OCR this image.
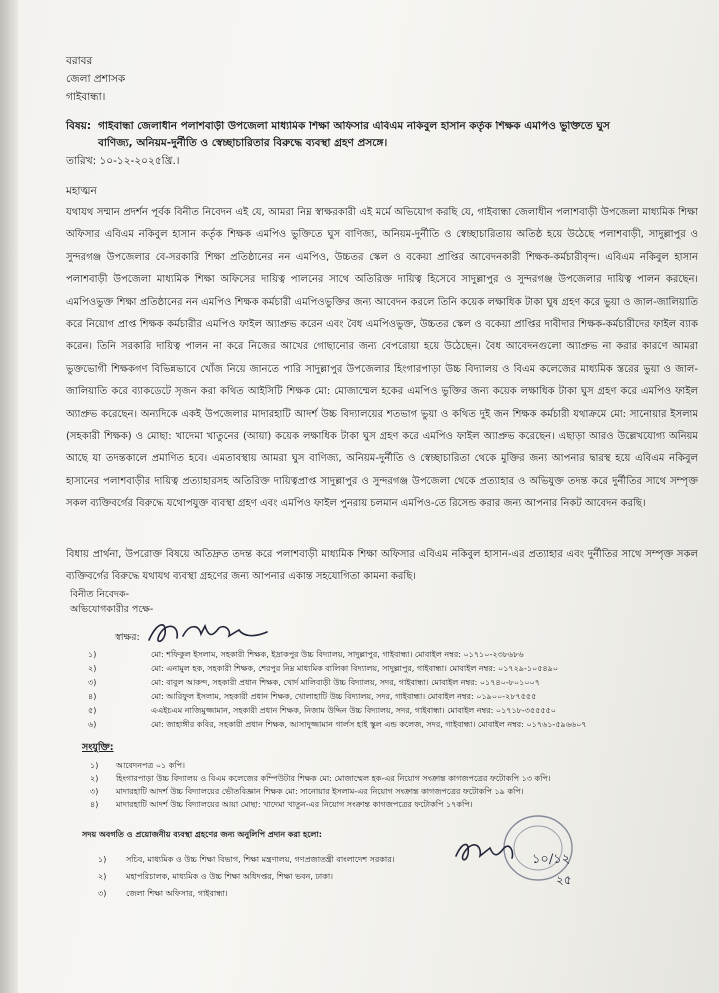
বরাবর
জেলা প্রশাসক
গাইবান্ধা।
বিষয়: গাইবান্ধা জেলাধীন পলাশবাড়ী উপজেলা মাধ্যমিক শিক্ষা অফিসার এবিএম নকিবুল হাসান কর্তৃক শিক্ষক এমপিও ভুক্তিতে ঘুস
বাণিজ্য, অনিয়ম-দুর্নীতি ও স্বেচ্ছাচারিতার বিরুদ্ধে ব্যবস্থা গ্রহণ প্রসঙ্গে।
তারিখ: ১০-১২-২০২৫খ্রি.।
মহাত্মন
যথাযথ সম্মান প্রদর্শন পূর্বক বিনীত নিবেদন এই যে, আমরা নিম্ন স্বাক্ষরকারী এই মর্মে অভিযোগ করছি যে, গাইবান্ধা জেলাধীন পলাশবাড়ী উপজেলা মাধ্যমিক শিক্ষা অফিসার এবিএম নকিবুল হাসান কর্তৃক শিক্ষক এমপিও ভুক্তিতে ঘুস বাণিজ্য, অনিয়ম-দুর্নীতি ও স্বেচ্ছাচারিতায় অতিষ্ঠ হয়ে উঠেছে পলাশবাড়ী, সাদুল্লাপুর ও সুন্দরগঞ্জ উপজেলার বে-সরকারি শিক্ষা প্রতিষ্ঠানের নন এমপিও, উচ্চতর স্কেল ও বকেয়া প্রাপ্তির আবেদনকারী শিক্ষক-কর্মচারীবৃন্দ। এবিএম নকিবুল হাসান পলাশবাড়ী উপজেলা মাধ্যমিক শিক্ষা অফিসের দায়িত্ব পালনের সাথে অতিরিক্ত দায়িত্ব হিসেবে সাদুল্লাপুর ও সুন্দরগঞ্জ উপজেলার দায়িত্ব পালন করছেন। এমপিওভুক্ত শিক্ষা প্রতিষ্ঠানের নন এমপিও শিক্ষক কর্মচারী এমপিওভুক্তির জন্য আবেদন করলে তিনি কয়েক লক্ষাধিক টাকা ঘুষ গ্রহণ করে ভুয়া ও জাল-জালিয়াতি করে নিয়োগ প্রাপ্ত শিক্ষক কর্মচারীর এমপিও ফাইল অ্যাপ্রুভ করেন এবং বৈধ এমপিওভুক্ত, উচ্চতর স্কেল ও বকেয়া প্রাপ্তির দাবীদার শিক্ষক-কর্মচারীদের ফাইল ব্যাক করেন। তিনি সরকারি দায়িত্ব পালন না করে নিজের আখের গোছানোর জন্য বেপরোয়া হয়ে উঠেছেন। বৈধ আবেদনগুলো অ্যাপ্রুভ না করার কারণে আমরা ভুক্তভোগী শিক্ষকগণ বিভিন্নভাবে খোঁজ নিয়ে জানতে পারি সাদুল্লাপুর উপজেলার হিংগারপাড়া উচ্চ বিদ্যালয় ও বিএম কলেজের মাধ্যমিক স্তরের ভুয়া ও জাল-জালিয়াতি করে ব্যাকডেটে সৃজন করা কথিত আইসিটি শিক্ষক মো: মোজাম্মেল হকের এমপিও ভুক্তির জন্য কয়েক লক্ষাধিক টাকা ঘুস গ্রহণ করে এমপিও ফাইল অ্যাপ্রুভ করেছেন। অন্যদিকে একই উপজেলার মাদারহাটি আদর্শ উচ্চ বিদ্যালয়ের শতভাগ ভুয়া ও কথিত দুই জন শিক্ষক কর্মচারী যথাক্রমে মো: সানোয়ার ইসলাম (সহকারী শিক্ষক) ও মোছা: খাদেমা খাতুনের (আয়া) কয়েক লক্ষাধিক টাকা ঘুস গ্রহণ করে এমপিও ফাইল অ্যাপ্রুভ করেছেন। এছাড়া আরও উল্লেখযোগ্য অনিয়ম আছে যা তদন্তকালে প্রমাণিত হবে। এমতাবস্থায় আমরা ঘুস বাণিজ্য, অনিয়ম-দুর্নীতি ও স্বেচ্ছাচারিতা থেকে মুক্তির জন্য আপনার দ্বারস্থ হয়ে এবিএম নকিবুল হাসানের পলাশবাড়ীর দায়িত্ব প্রত্যাহারসহ অতিরিক্ত দায়িত্বপ্রাপ্ত সাদুল্লাপুর ও সুন্দরগঞ্জ উপজেলা থেকে প্রত্যাহার ও অভিযুক্ত তদন্ত করে দুর্নীতির সাথে সম্পৃক্ত সকল ব্যক্তিবর্গের বিরুদ্ধে যথোপযুক্ত ব্যবস্থা গ্রহণ এবং এমপিও ফাইল পুনরায় চলমান এমপিও-তে রিসেন্ড করার জন্য আপনার নিকট আবেদন করছি।
বিধায় প্রার্থনা, উপরোক্ত বিষয়ে অতিদ্রুত তদন্ত করে পলাশবাড়ী মাধ্যমিক শিক্ষা অফিসার এবিএম নকিবুল হাসান-এর প্রত্যাহার এবং দুর্নীতির সাথে সম্পৃক্ত সকল ব্যক্তিবর্গের বিরুদ্ধে যথাযথ ব্যবস্থা গ্রহণের জন্য আপনার একান্ত সহযোগিতা কামনা করছি।
বিনীত নিবেদক-
অভিযোগকারীর পক্ষে-
স্বাক্ষর:
১)	মো: শফিকুল ইসলাম, সহকারী শিক্ষক, ইদ্রাকপুর উচ্চ বিদ্যালয়, সাদুল্লাপুর, গাইবান্ধা। মোবাইল নম্বর: ০১৭১০-২৩৮৬৮৬
২)	মো: এনামুল হক, সহকারী শিক্ষক, শেরপুর নিম্ন মাধ্যমিক বালিকা বিদ্যালয়, সাদুল্লাপুর, গাইবান্ধা। মোবাইল নম্বর: ০১৭২৯-১০৫৪৯০
৩)	মো: বাবুল আকন্দ, সহকারী প্রধান শিক্ষক, খোর্দ মালিবাড়ী উচ্চ বিদ্যালয়, সদর, গাইবান্ধা। মোবাইল নম্বর: ০১৭৪০-৮০১০০৭
৪)	মো: আরিফুল ইসলাম, সহকারী প্রধান শিক্ষক, খোলাহাটি উচ্চ বিদ্যালয়, সদর, গাইবান্ধা। মোবাইল নম্বর: ০১৯০০-২৮৭৫৫৫
৫)	এএইচএম নাজিমুজ্জামান, সহকারী প্রধান শিক্ষক, নিজাম উদ্দিন উচ্চ বিদ্যালয়, সদর, গাইবান্ধা। মোবাইল নম্বর: ০১৭১৮-৩৫৫৫৫০
৬)	মো: জাহাঙ্গীর কবির, সহকারী প্রধান শিক্ষক, আসাদুজ্জামান গার্লস হাই স্কুল এন্ড কলেজ, সদর, গাইবান্ধা। মোবাইল নম্বর: ০১৭৬১-৫৯৬৬০৭
সংযুক্তি:
১) আবেদনপত্র ০১ কপি।
২) হিংগারপাড়া উচ্চ বিদ্যালয় ও বিএম কলেজের কম্পিউটার শিক্ষক মো: মোজাম্মেল হক-এর নিয়োগ সংক্রান্ত কাগজপত্রের ফটোকপি ১৩ কপি।
৩) মাদারহাটি আদর্শ উচ্চ বিদ্যালয়ের ভৌতবিজ্ঞান শিক্ষক মো: সানোয়ার ইসলাম-এর নিয়োগ সংক্রান্ত কাগজপত্রের ফটোকপি ১৯ কপি।
৪) মাদারহাটি আদর্শ উচ্চ বিদ্যালয়ের আয়া মোছা: খাদেমা খাতুন-এর নিয়োগ সংক্রান্ত কাগজপত্রের ফটোকপি ১৭কপি।
সদয় অবগতি ও প্রয়োজনীয় ব্যবস্থা গ্রহণের জন্য অনুলিপি প্রদান করা হলো:
১) সচিব, মাধ্যমিক ও উচ্চ শিক্ষা বিভাগ, শিক্ষা মন্ত্রণালয়, গণপ্রজাতন্ত্রী বাংলাদেশ সরকার।
২) মহাপরিচালক, মাধ্যমিক ও উচ্চ শিক্ষা অধিদপ্তর, শিক্ষা ভবন, ঢাকা।
৩) জেলা শিক্ষা অফিসার, গাইবান্ধা।
১০/১২
২৫
